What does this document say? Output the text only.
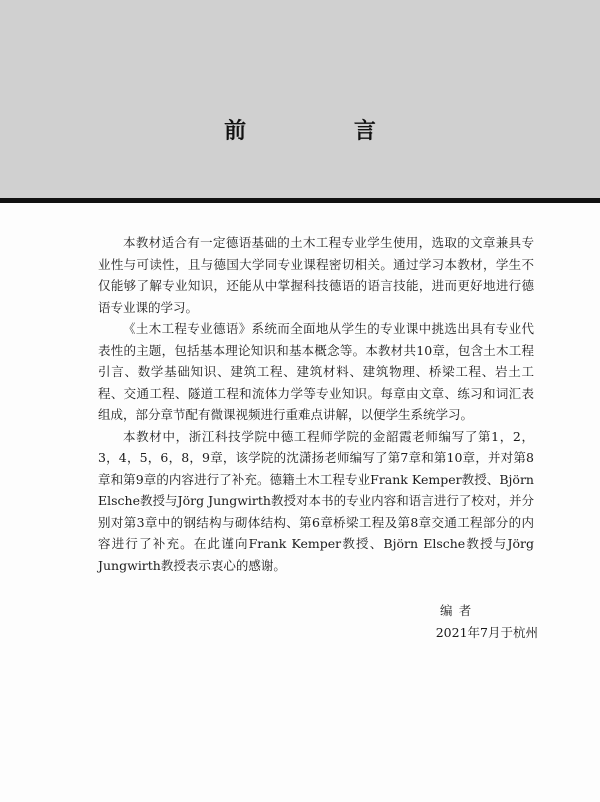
前 言

本教材适合有一定德语基础的土木工程专业学生使用，选取的文章兼具专业性与可读性，且与德国大学同专业课程密切相关。通过学习本教材，学生不仅能够了解专业知识，还能从中掌握科技德语的语言技能，进而更好地进行德语专业课的学习。

《土木工程专业德语》系统而全面地从学生的专业课中挑选出具有专业代表性的主题，包括基本理论知识和基本概念等。本教材共10章，包含土木工程引言、数学基础知识、建筑工程、建筑材料、建筑物理、桥梁工程、岩土工程、交通工程、隧道工程和流体力学等专业知识。每章由文章、练习和词汇表组成，部分章节配有微课视频进行重难点讲解，以便学生系统学习。

本教材中，浙江科技学院中德工程师学院的金韶霞老师编写了第1，2，3，4，5，6，8，9章，该学院的沈潇扬老师编写了第7章和第10章，并对第8章和第9章的内容进行了补充。德籍土木工程专业Frank Kemper教授、Björn Elsche教授与Jörg Jungwirth教授对本书的专业内容和语言进行了校对，并分别对第3章中的钢结构与砌体结构、第6章桥梁工程及第8章交通工程部分的内容进行了补充。在此谨向Frank Kemper教授、Björn Elsche教授与Jörg Jungwirth教授表示衷心的感谢。

编者
2021年7月于杭州
